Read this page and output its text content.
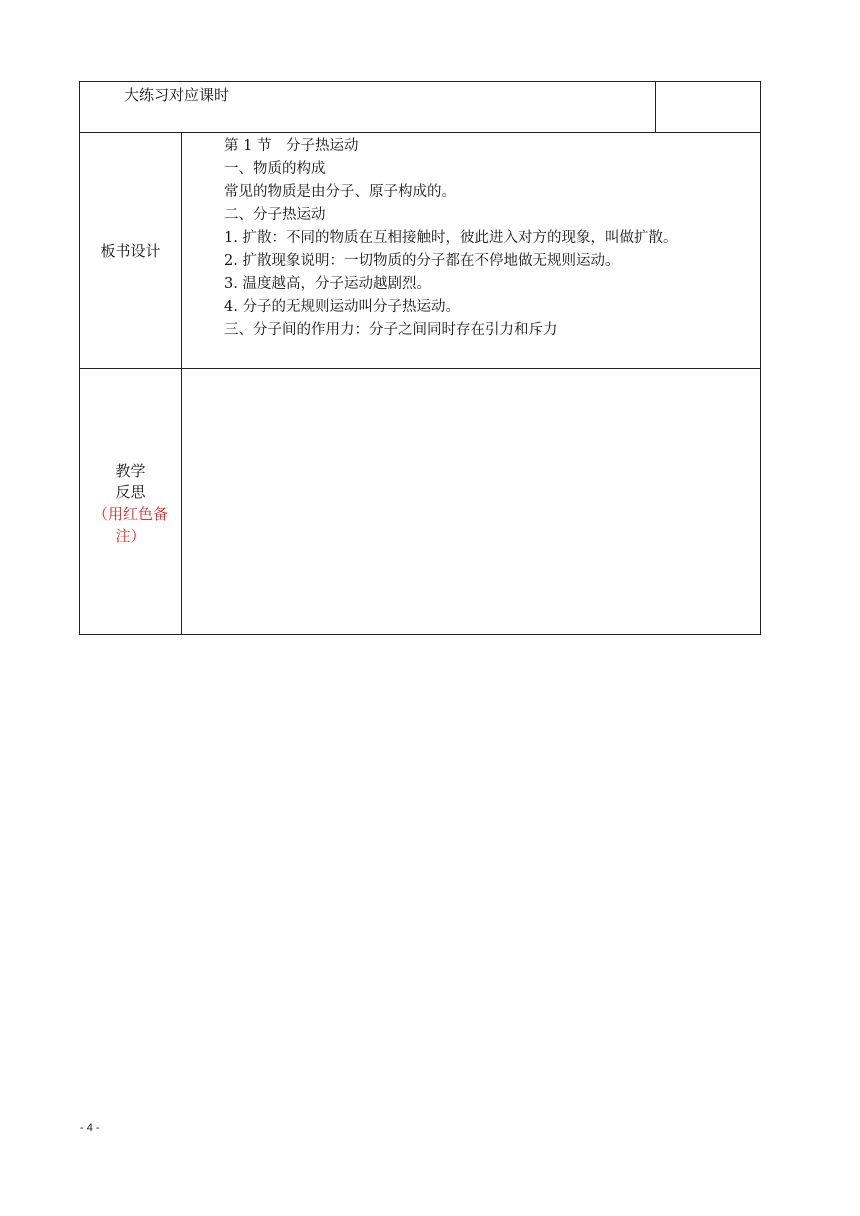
大练习对应课时
板书设计
第 1 节　分子热运动
一、物质的构成
常见的物质是由分子、原子构成的。
二、分子热运动
1. 扩散：不同的物质在互相接触时，彼此进入对方的现象，叫做扩散。
2. 扩散现象说明：一切物质的分子都在不停地做无规则运动。
3. 温度越高，分子运动越剧烈。
4. 分子的无规则运动叫分子热运动。
三、分子间的作用力：分子之间同时存在引力和斥力
教学
反思
（用红色备
注）
- 4 -
